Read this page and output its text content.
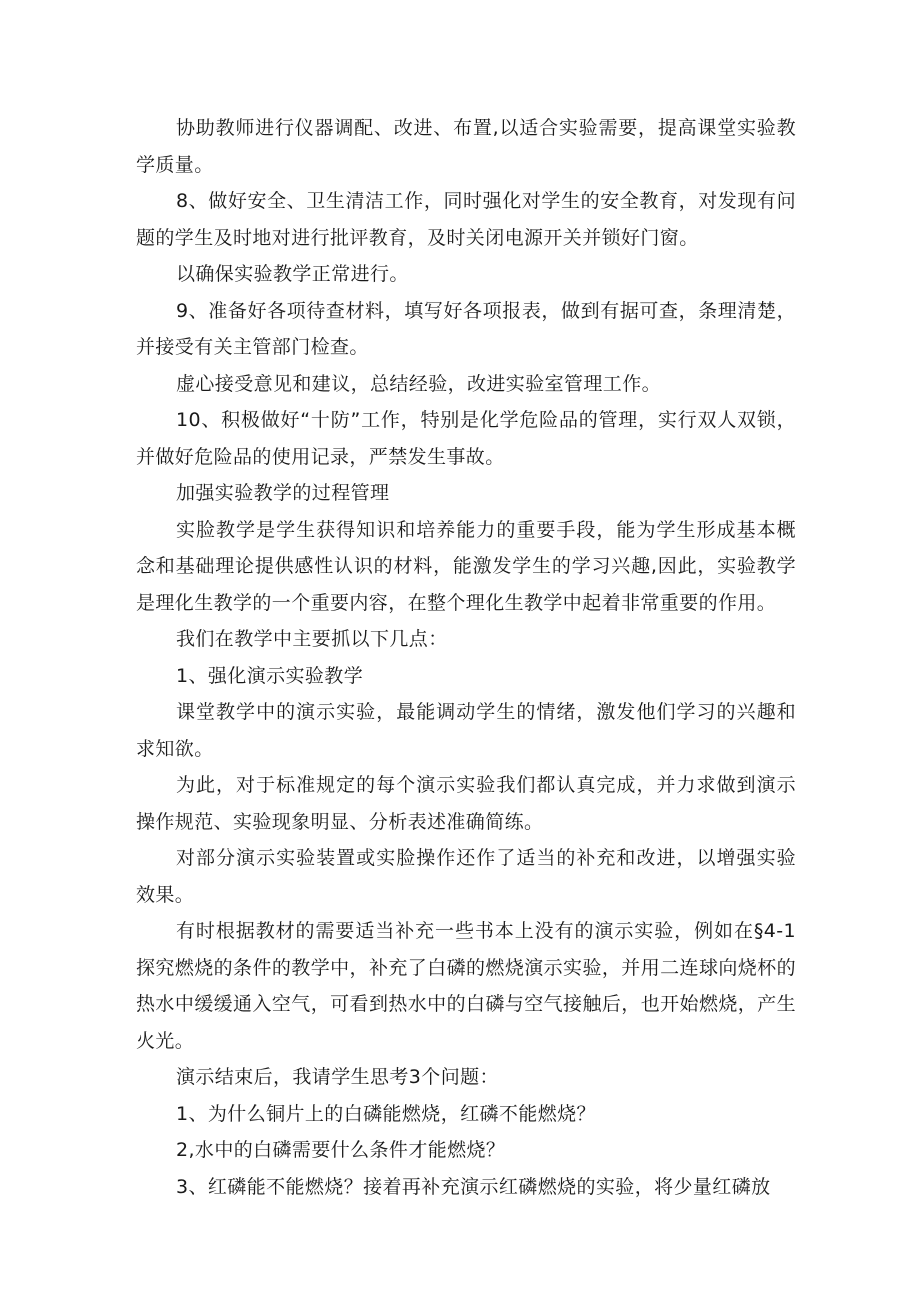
协助教师进行仪器调配、改进、布置,以适合实验需要，提高课堂实验教学质量。

8、做好安全、卫生清洁工作，同时强化对学生的安全教育，对发现有问题的学生及时地对进行批评教育，及时关闭电源开关并锁好门窗。

以确保实验教学正常进行。

9、准备好各项待查材料，填写好各项报表，做到有据可查，条理清楚，并接受有关主管部门检查。

虚心接受意见和建议，总结经验，改进实验室管理工作。

10、积极做好“十防”工作，特别是化学危险品的管理，实行双人双锁，并做好危险品的使用记录，严禁发生事故。

加强实验教学的过程管理

实脸教学是学生获得知识和培养能力的重要手段，能为学生形成基本概念和基础理论提供感性认识的材料，能激发学生的学习兴趣,因此，实验教学是理化生教学的一个重要内容，在整个理化生教学中起着非常重要的作用。

我们在教学中主要抓以下几点：

1、强化演示实验教学

课堂教学中的演示实验，最能调动学生的情绪，激发他们学习的兴趣和求知欲。

为此，对于标准规定的每个演示实验我们都认真完成，并力求做到演示操作规范、实验现象明显、分析表述准确简练。

对部分演示实验装置或实脸操作还作了适当的补充和改进，以增强实验效果。

有时根据教材的需要适当补充一些书本上没有的演示实验，例如在§4-1探究燃烧的条件的教学中，补充了白磷的燃烧演示实验，并用二连球向烧杯的热水中缓缓通入空气，可看到热水中的白磷与空气接触后，也开始燃烧，产生火光。

演示结束后，我请学生思考3个问题：

1、为什么铜片上的白磷能燃烧，红磷不能燃烧？

2,水中的白磷需要什么条件才能燃烧？

3、红磷能不能燃烧？接着再补充演示红磷燃烧的实验，将少量红磷放
